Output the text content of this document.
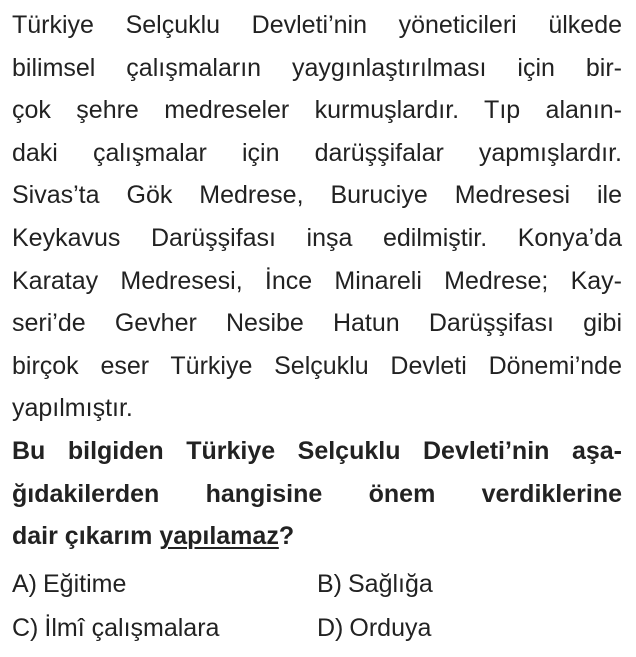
Türkiye Selçuklu Devleti’nin yöneticileri ülkede
bilimsel çalışmaların yaygınlaştırılması için bir-
çok şehre medreseler kurmuşlardır. Tıp alanın-
daki çalışmalar için darüşşifalar yapmışlardır.
Sivas’ta Gök Medrese, Buruciye Medresesi ile
Keykavus Darüşşifası inşa edilmiştir. Konya’da
Karatay Medresesi, İnce Minareli Medrese; Kay-
seri’de Gevher Nesibe Hatun Darüşşifası gibi
birçok eser Türkiye Selçuklu Devleti Dönemi’nde
yapılmıştır.
Bu bilgiden Türkiye Selçuklu Devleti’nin aşa-
ğıdakilerden hangisine önem verdiklerine
dair çıkarım yapılamaz?
A) Eğitime	B) Sağlığa
C) İlmî çalışmalara	D) Orduya
